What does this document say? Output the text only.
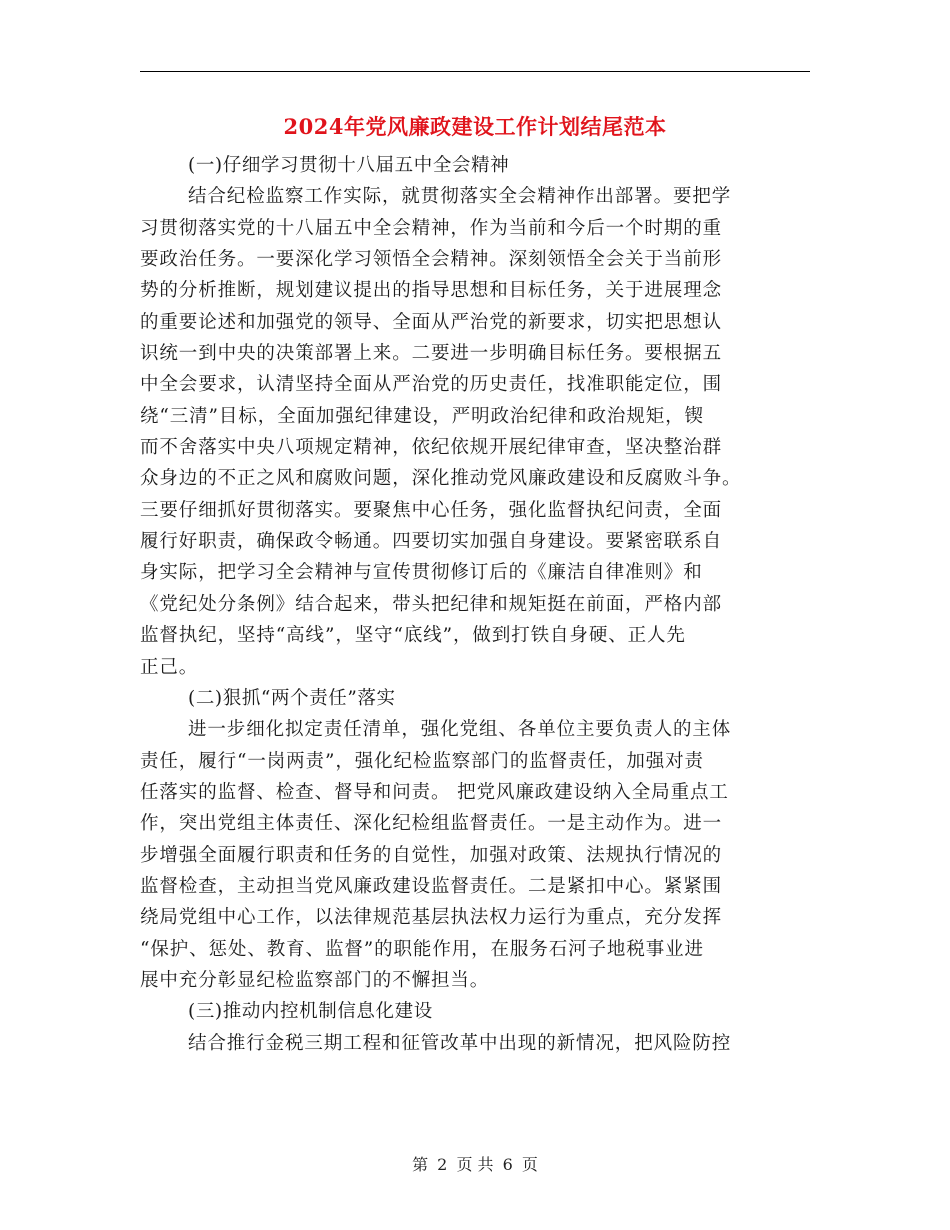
2024年党风廉政建设工作计划结尾范本
(一)仔细学习贯彻十八届五中全会精神
结合纪检监察工作实际，就贯彻落实全会精神作出部署。要把学
习贯彻落实党的十八届五中全会精神，作为当前和今后一个时期的重
要政治任务。一要深化学习领悟全会精神。深刻领悟全会关于当前形
势的分析推断，规划建议提出的指导思想和目标任务，关于进展理念
的重要论述和加强党的领导、全面从严治党的新要求，切实把思想认
识统一到中央的决策部署上来。二要进一步明确目标任务。要根据五
中全会要求，认清坚持全面从严治党的历史责任，找准职能定位，围
绕“三清”目标，全面加强纪律建设，严明政治纪律和政治规矩，锲
而不舍落实中央八项规定精神，依纪依规开展纪律审查，坚决整治群
众身边的不正之风和腐败问题，深化推动党风廉政建设和反腐败斗争。
三要仔细抓好贯彻落实。要聚焦中心任务，强化监督执纪问责，全面
履行好职责，确保政令畅通。四要切实加强自身建设。要紧密联系自
身实际，把学习全会精神与宣传贯彻修订后的《廉洁自律准则》和
《党纪处分条例》结合起来，带头把纪律和规矩挺在前面，严格内部
监督执纪，坚持“高线”，坚守“底线”，做到打铁自身硬、正人先
正己。
(二)狠抓“两个责任”落实
进一步细化拟定责任清单，强化党组、各单位主要负责人的主体
责任，履行“一岗两责”，强化纪检监察部门的监督责任，加强对责
任落实的监督、检查、督导和问责。 把党风廉政建设纳入全局重点工
作，突出党组主体责任、深化纪检组监督责任。一是主动作为。进一
步增强全面履行职责和任务的自觉性，加强对政策、法规执行情况的
监督检查，主动担当党风廉政建设监督责任。二是紧扣中心。紧紧围
绕局党组中心工作，以法律规范基层执法权力运行为重点，充分发挥
“保护、惩处、教育、监督”的职能作用，在服务石河子地税事业进
展中充分彰显纪检监察部门的不懈担当。
(三)推动内控机制信息化建设
结合推行金税三期工程和征管改革中出现的新情况，把风险防控
第 2 页 共 6 页
